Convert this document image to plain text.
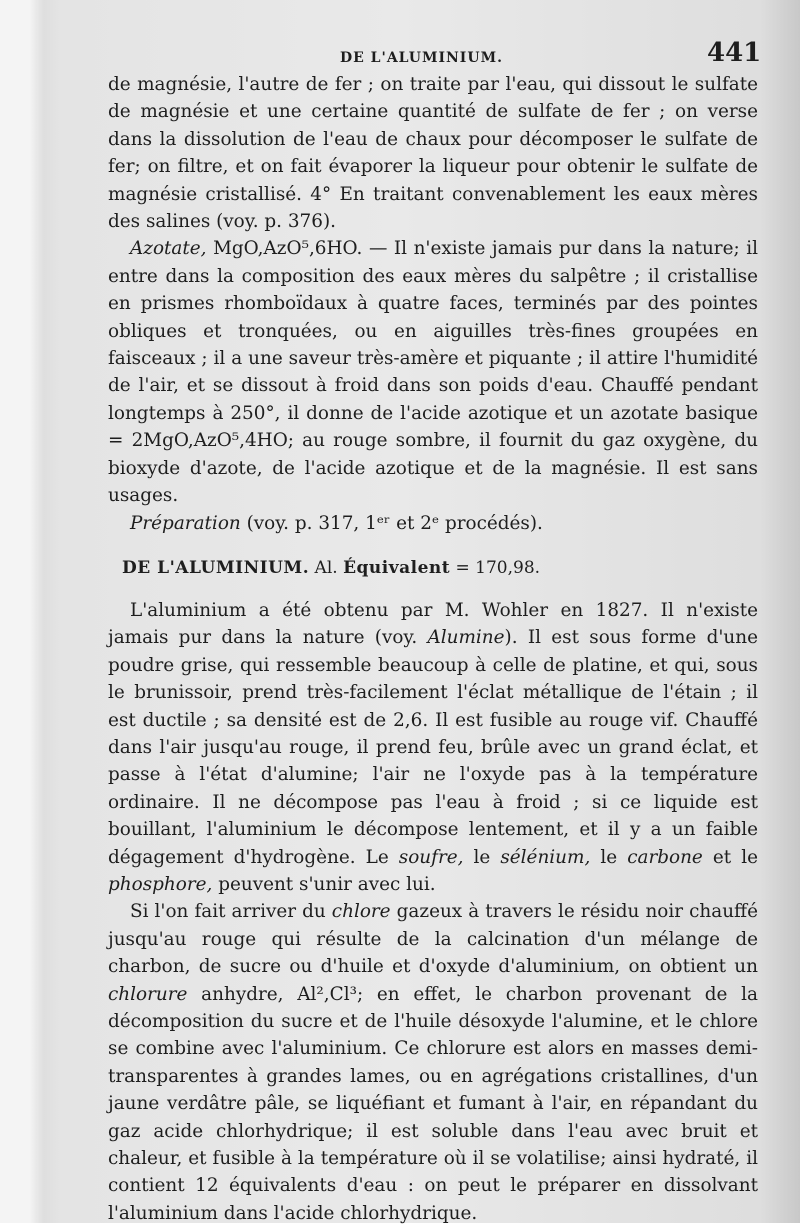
DE L'ALUMINIUM.	441

de magnésie, l'autre de fer ; on traite par l'eau, qui dissout le sulfate de magnésie et une certaine quantité de sulfate de fer ; on verse dans la dissolution de l'eau de chaux pour décomposer le sulfate de fer; on filtre, et on fait évaporer la liqueur pour obtenir le sulfate de magnésie cristallisé. 4° En traitant convenablement les eaux mères des salines (voy. p. 376).

Azotate, MgO,AzO⁵,6HO. — Il n'existe jamais pur dans la nature; il entre dans la composition des eaux mères du salpêtre ; il cristallise en prismes rhomboïdaux à quatre faces, terminés par des pointes obliques et tronquées, ou en aiguilles très-fines groupées en faisceaux ; il a une saveur très-amère et piquante ; il attire l'humidité de l'air, et se dissout à froid dans son poids d'eau. Chauffé pendant longtemps à 250°, il donne de l'acide azotique et un azotate basique = 2MgO,AzO⁵,4HO; au rouge sombre, il fournit du gaz oxygène, du bioxyde d'azote, de l'acide azotique et de la magnésie. Il est sans usages.

Préparation (voy. p. 317, 1ᵉʳ et 2ᵉ procédés).

DE L'ALUMINIUM. Al. Équivalent = 170,98.

L'aluminium a été obtenu par M. Wohler en 1827. Il n'existe jamais pur dans la nature (voy. Alumine). Il est sous forme d'une poudre grise, qui ressemble beaucoup à celle de platine, et qui, sous le brunissoir, prend très-facilement l'éclat métallique de l'étain ; il est ductile ; sa densité est de 2,6. Il est fusible au rouge vif. Chauffé dans l'air jusqu'au rouge, il prend feu, brûle avec un grand éclat, et passe à l'état d'alumine; l'air ne l'oxyde pas à la température ordinaire. Il ne décompose pas l'eau à froid ; si ce liquide est bouillant, l'aluminium le décompose lentement, et il y a un faible dégagement d'hydrogène. Le soufre, le sélénium, le carbone et le phosphore, peuvent s'unir avec lui.

Si l'on fait arriver du chlore gazeux à travers le résidu noir chauffé jusqu'au rouge qui résulte de la calcination d'un mélange de charbon, de sucre ou d'huile et d'oxyde d'aluminium, on obtient un chlorure anhydre, Al²,Cl³; en effet, le charbon provenant de la décomposition du sucre et de l'huile désoxyde l'alumine, et le chlore se combine avec l'aluminium. Ce chlorure est alors en masses demi-transparentes à grandes lames, ou en agrégations cristallines, d'un jaune verdâtre pâle, se liquéfiant et fumant à l'air, en répandant du gaz acide chlorhydrique; il est soluble dans l'eau avec bruit et chaleur, et fusible à la température où il se volatilise; ainsi hydraté, il contient 12 équivalents d'eau : on peut le préparer en dissolvant l'aluminium dans l'acide chlorhydrique.
